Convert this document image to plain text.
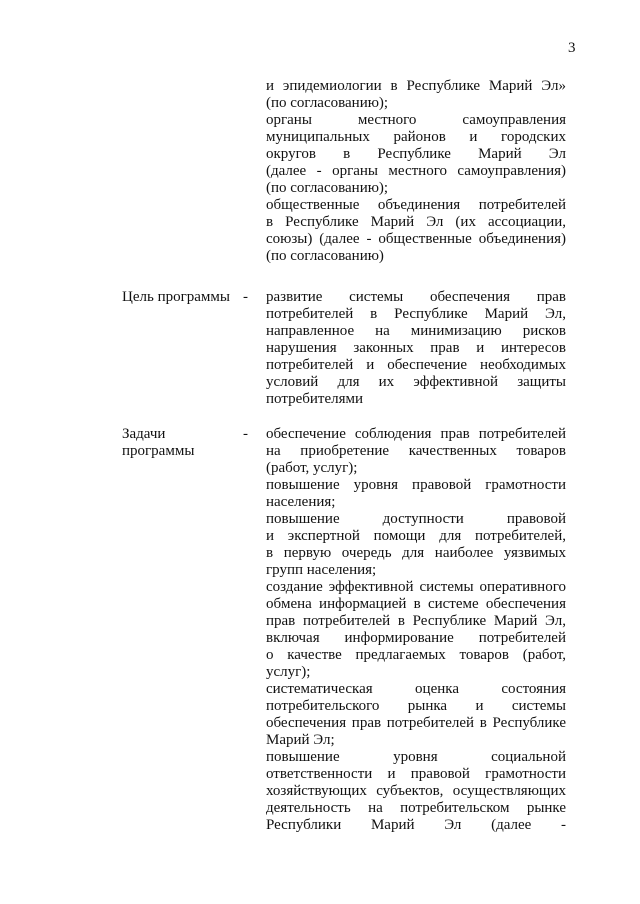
3
и эпидемиологии в Республике Марий Эл»
(по согласованию);
органы местного самоуправления
муниципальных районов и городских
округов в Республике Марий Эл
(далее - органы местного самоуправления)
(по согласованию);
общественные объединения потребителей
в Республике Марий Эл (их ассоциации,
союзы) (далее - общественные объединения)
(по согласованию)
Цель программы - развитие системы обеспечения прав
потребителей в Республике Марий Эл,
направленное на минимизацию рисков
нарушения законных прав и интересов
потребителей и обеспечение необходимых
условий для их эффективной защиты
потребителями
Задачи
программы
- обеспечение соблюдения прав потребителей
на приобретение качественных товаров
(работ, услуг);
повышение уровня правовой грамотности
населения;
повышение доступности правовой
и экспертной помощи для потребителей,
в первую очередь для наиболее уязвимых
групп населения;
создание эффективной системы оперативного
обмена информацией в системе обеспечения
прав потребителей в Республике Марий Эл,
включая информирование потребителей
о качестве предлагаемых товаров (работ,
услуг);
систематическая оценка состояния
потребительского рынка и системы
обеспечения прав потребителей в Республике
Марий Эл;
повышение уровня социальной
ответственности и правовой грамотности
хозяйствующих субъектов, осуществляющих
деятельность на потребительском рынке
Республики Марий Эл (далее -
